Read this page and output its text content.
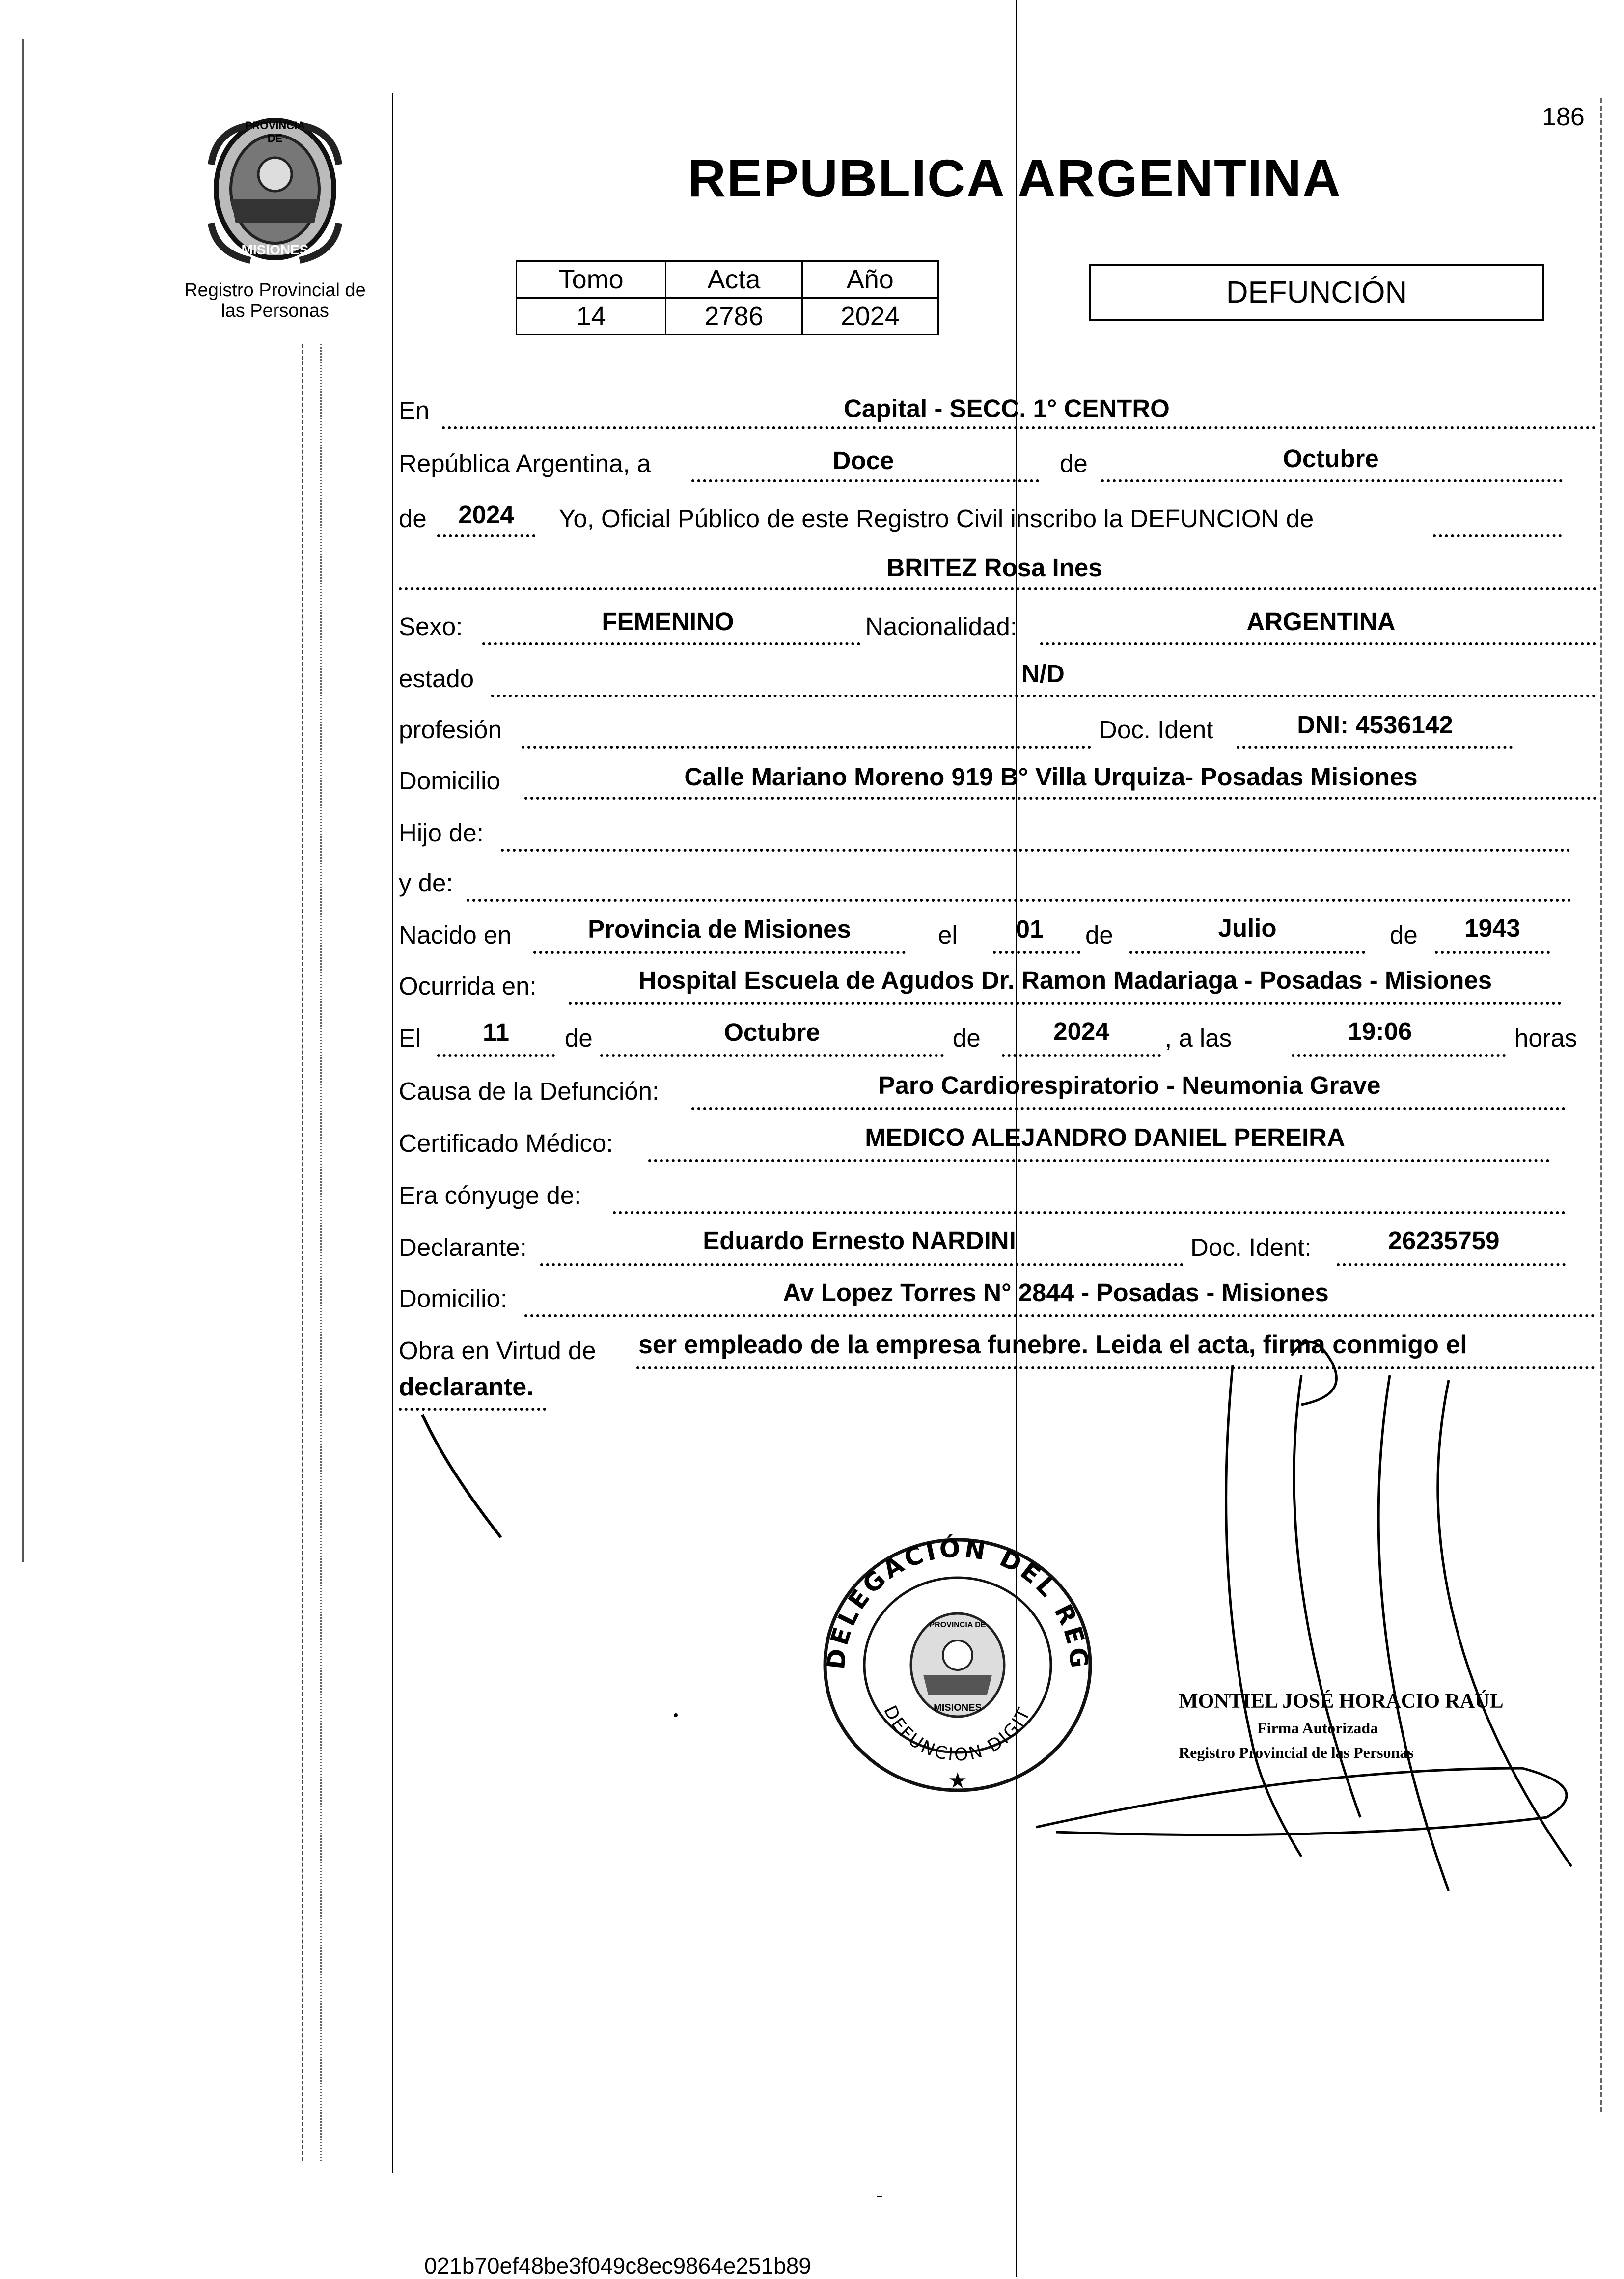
PROVINCIA DE
MISIONES
Registro Provincial de
las Personas
186
REPUBLICA ARGENTINA
Tomo	Acta	Año
14	2786	2024
DEFUNCIÓN
En	Capital - SECC. 1° CENTRO
República Argentina, a	Doce	de	Octubre
de	2024	Yo, Oficial Público de este Registro Civil inscribo la DEFUNCION de
BRITEZ Rosa Ines
Sexo:	FEMENINO	Nacionalidad:	ARGENTINA
estado	N/D
profesión	Doc. Ident	DNI: 4536142
Domicilio	Calle Mariano Moreno 919 B° Villa Urquiza- Posadas Misiones
Hijo de:
y de:
Nacido en	Provincia de Misiones	el	01	de	Julio	de	1943
Ocurrida en:	Hospital Escuela de Agudos Dr. Ramon Madariaga - Posadas - Misiones
El	11	de	Octubre	de	2024	, a las	19:06	horas
Causa de la Defunción:	Paro Cardiorespiratorio - Neumonia Grave
Certificado Médico:	MEDICO ALEJANDRO DANIEL PEREIRA
Era cónyuge de:
Declarante:	Eduardo Ernesto NARDINI	Doc. Ident:	26235759
Domicilio:	Av Lopez Torres N° 2844 - Posadas - Misiones
Obra en Virtud de ser empleado de la empresa funebre. Leida el acta, firma conmigo el
declarante.
DELEGACIÓN DEL REG
DEFUNCION DIGIT
★
PROVINCIA DE
MISIONES	MONTIEL JOSÉ HORACIO RAÚL
Firma Autorizada
Registro Provincial de las Personas
021b70ef48be3f049c8ec9864e251b89
